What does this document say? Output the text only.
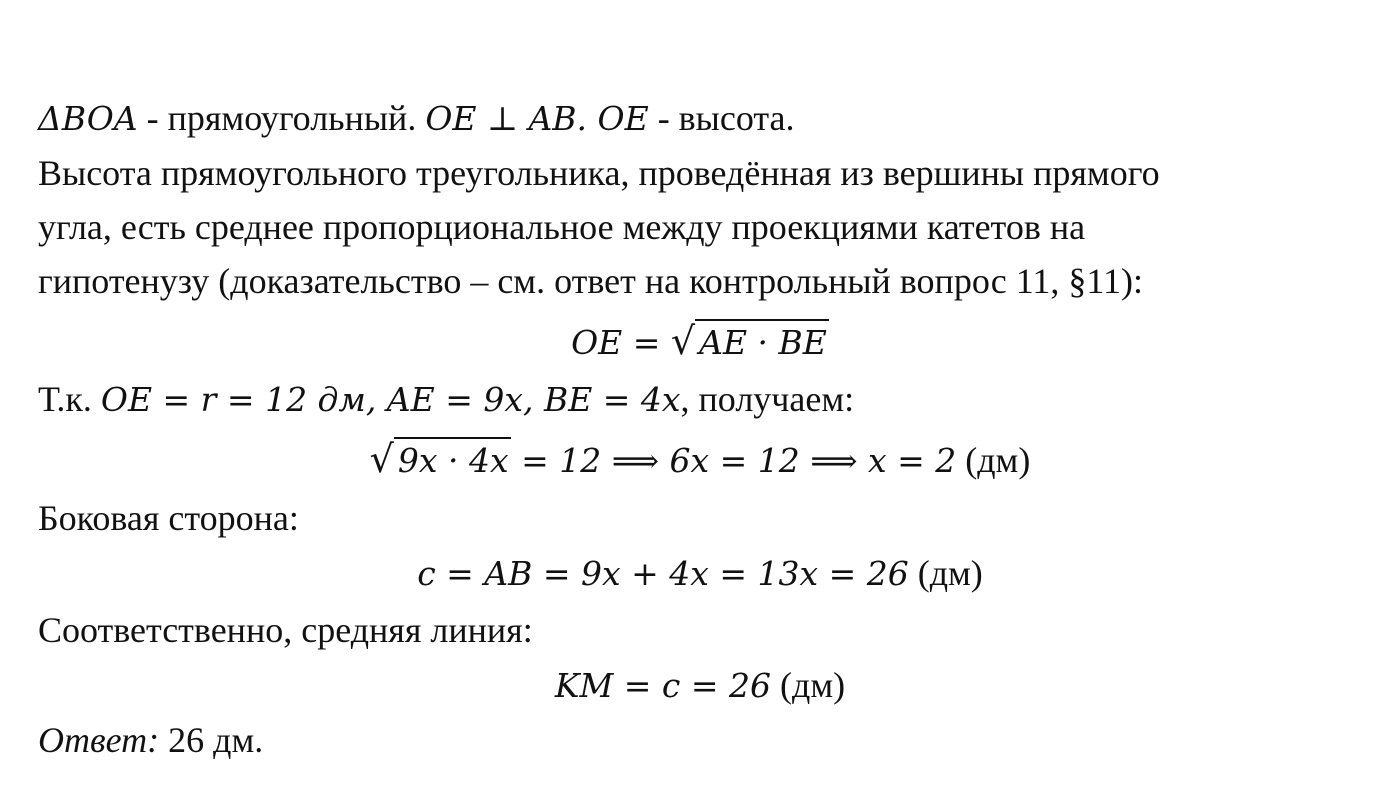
ΔBOA - прямоугольный. OE ⊥ AB. OE - высота.
Высота прямоугольного треугольника, проведённая из вершины прямого
угла, есть среднее пропорциональное между проекциями катетов на
гипотенузу (доказательство – см. ответ на контрольный вопрос 11, §11):
OE = √ AE · BE
Т.к. OE = r = 12 дм, AE = 9x, BE = 4x, получаем:
√ 9x · 4x = 12 ⟹ 6x = 12 ⟹ x = 2 (дм)
Боковая сторона:
c = AB = 9x + 4x = 13x = 26 (дм)
Соответственно, средняя линия:
KM = c = 26 (дм)
Ответ: 26 дм.
